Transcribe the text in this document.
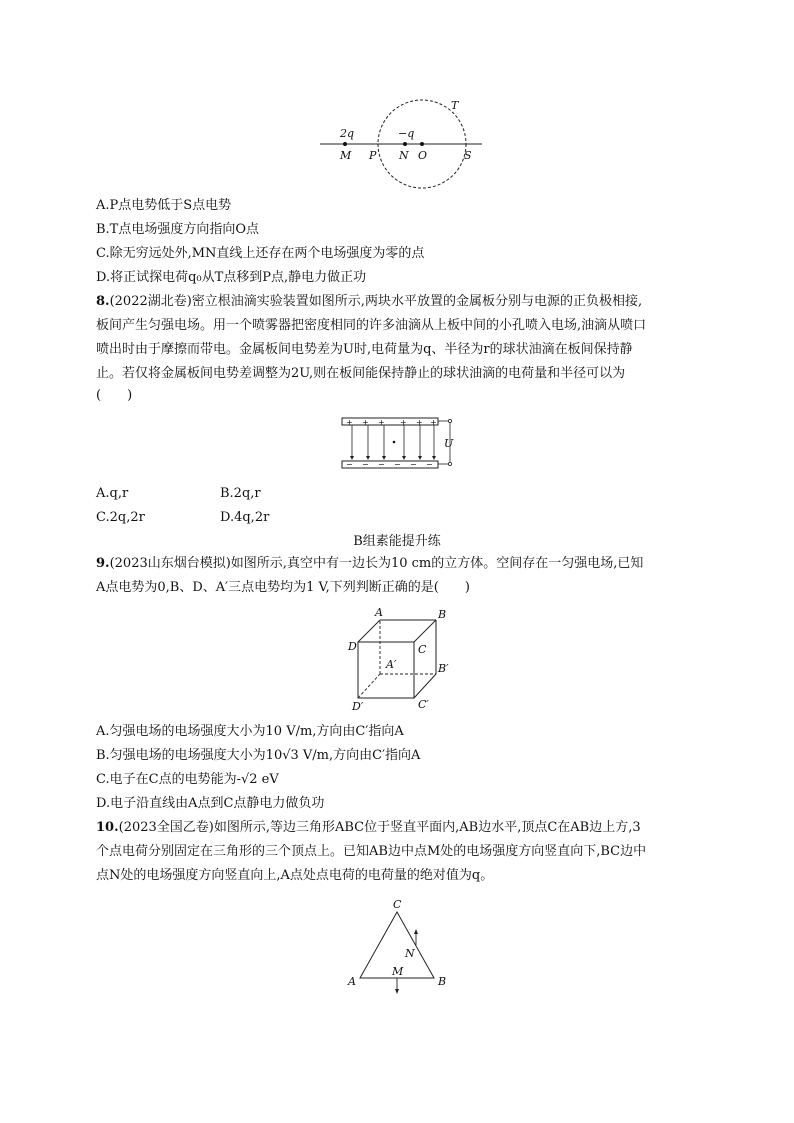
2q	−q
T
M P N O	S
A.P点电势低于S点电势
B.T点电场强度方向指向O点
C.除无穷远处外,MN直线上还存在两个电场强度为零的点
D.将正试探电荷q₀从T点移到P点,静电力做正功
8.(2022湖北卷)密立根油滴实验装置如图所示,两块水平放置的金属板分别与电源的正负极相接,
板间产生匀强电场。用一个喷雾器把密度相同的许多油滴从上板中间的小孔喷入电场,油滴从喷口
喷出时由于摩擦而带电。金属板间电势差为U时,电荷量为q、半径为r的球状油滴在板间保持静
止。若仅将金属板间电势差调整为2U,则在板间能保持静止的球状油滴的电荷量和半径可以为
(　　)
+ + + + + +
− − − − − −
U
A.q,r	B.2q,r
C.2q,2r	D.4q,2r
B组素能提升练
9.(2023山东烟台模拟)如图所示,真空中有一边长为10 cm的立方体。空间存在一匀强电场,已知
A点电势为0,B、D、A′三点电势均为1 V,下列判断正确的是(　　)
A	B
D	C
A′	B′
C′
D′
A.匀强电场的电场强度大小为10 V/m,方向由C′指向A
B.匀强电场的电场强度大小为10√3 V/m,方向由C′指向A
C.电子在C点的电势能为-√2 eV
D.电子沿直线由A点到C点静电力做负功
10.(2023全国乙卷)如图所示,等边三角形ABC位于竖直平面内,AB边水平,顶点C在AB边上方,3
个点电荷分别固定在三角形的三个顶点上。已知AB边中点M处的电场强度方向竖直向下,BC边中
点N处的电场强度方向竖直向上,A点处点电荷的电荷量的绝对值为q。
C
A	B
M
N
